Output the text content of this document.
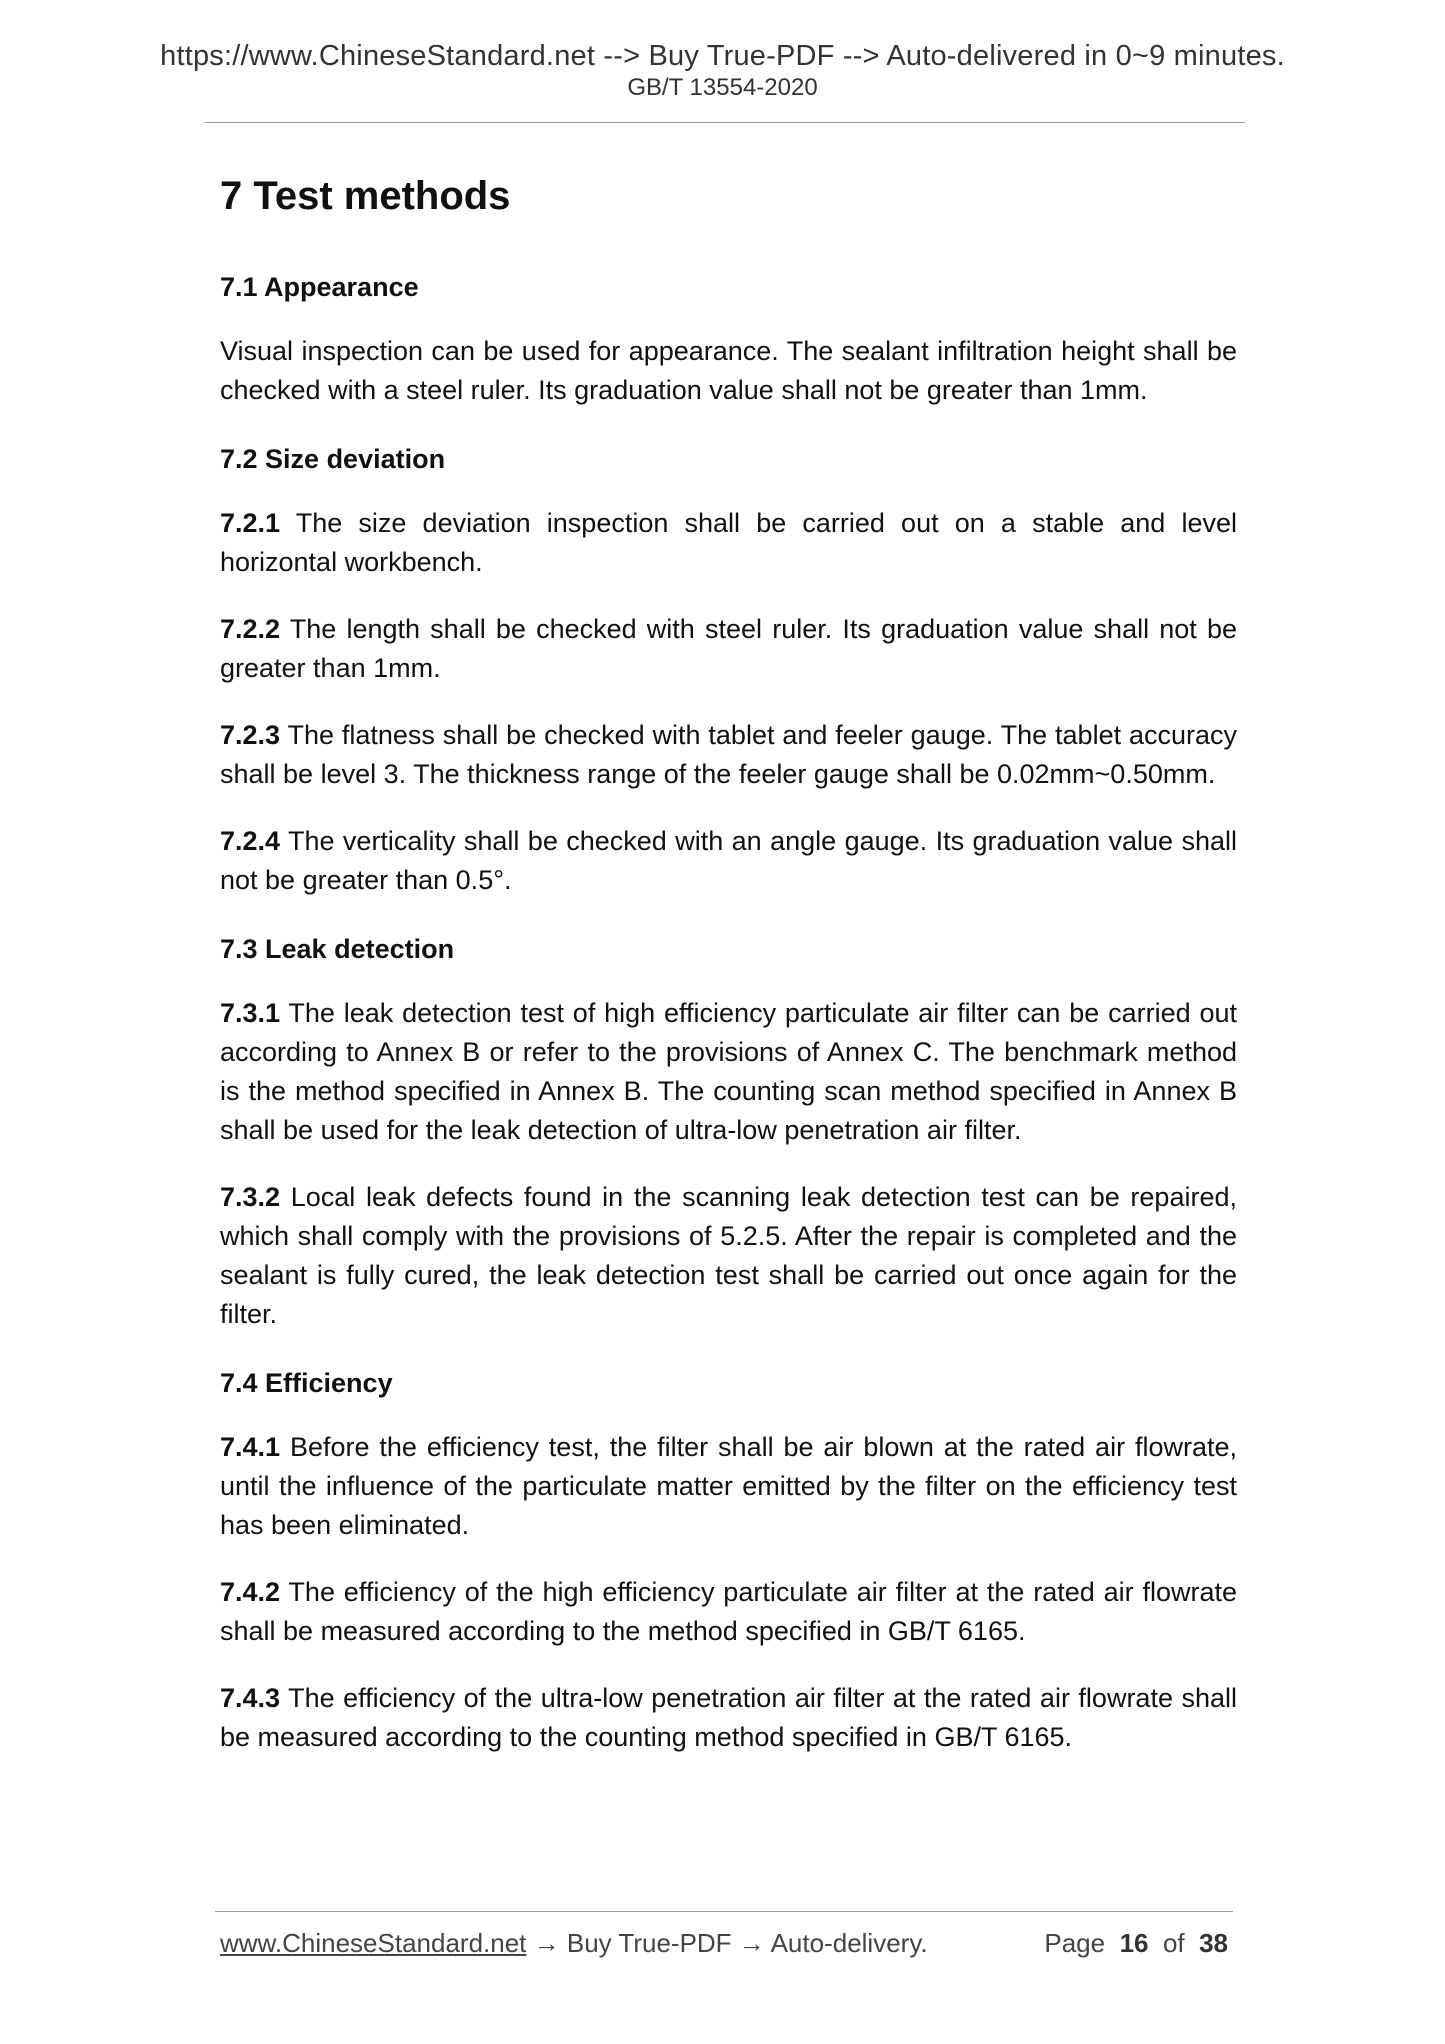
https://www.ChineseStandard.net --> Buy True-PDF --> Auto-delivered in 0~9 minutes.
GB/T 13554-2020
7 Test methods
7.1 Appearance

Visual inspection can be used for appearance. The sealant infiltration height shall be checked with a steel ruler. Its graduation value shall not be greater than 1mm.

7.2 Size deviation

7.2.1 The size deviation inspection shall be carried out on a stable and level horizontal workbench.

7.2.2 The length shall be checked with steel ruler. Its graduation value shall not be greater than 1mm.

7.2.3 The flatness shall be checked with tablet and feeler gauge. The tablet accuracy shall be level 3. The thickness range of the feeler gauge shall be 0.02mm~0.50mm.

7.2.4 The verticality shall be checked with an angle gauge. Its graduation value shall not be greater than 0.5°.

7.3 Leak detection

7.3.1 The leak detection test of high efficiency particulate air filter can be carried out according to Annex B or refer to the provisions of Annex C. The benchmark method is the method specified in Annex B. The counting scan method specified in Annex B shall be used for the leak detection of ultra-low penetration air filter.

7.3.2 Local leak defects found in the scanning leak detection test can be repaired, which shall comply with the provisions of 5.2.5. After the repair is completed and the sealant is fully cured, the leak detection test shall be carried out once again for the filter.

7.4 Efficiency

7.4.1 Before the efficiency test, the filter shall be air blown at the rated air flowrate, until the influence of the particulate matter emitted by the filter on the efficiency test has been eliminated.

7.4.2 The efficiency of the high efficiency particulate air filter at the rated air flowrate shall be measured according to the method specified in GB/T 6165.

7.4.3 The efficiency of the ultra-low penetration air filter at the rated air flowrate shall be measured according to the counting method specified in GB/T 6165.

www.ChineseStandard.net → Buy True-PDF → Auto-delivery.	Page 16 of 38
